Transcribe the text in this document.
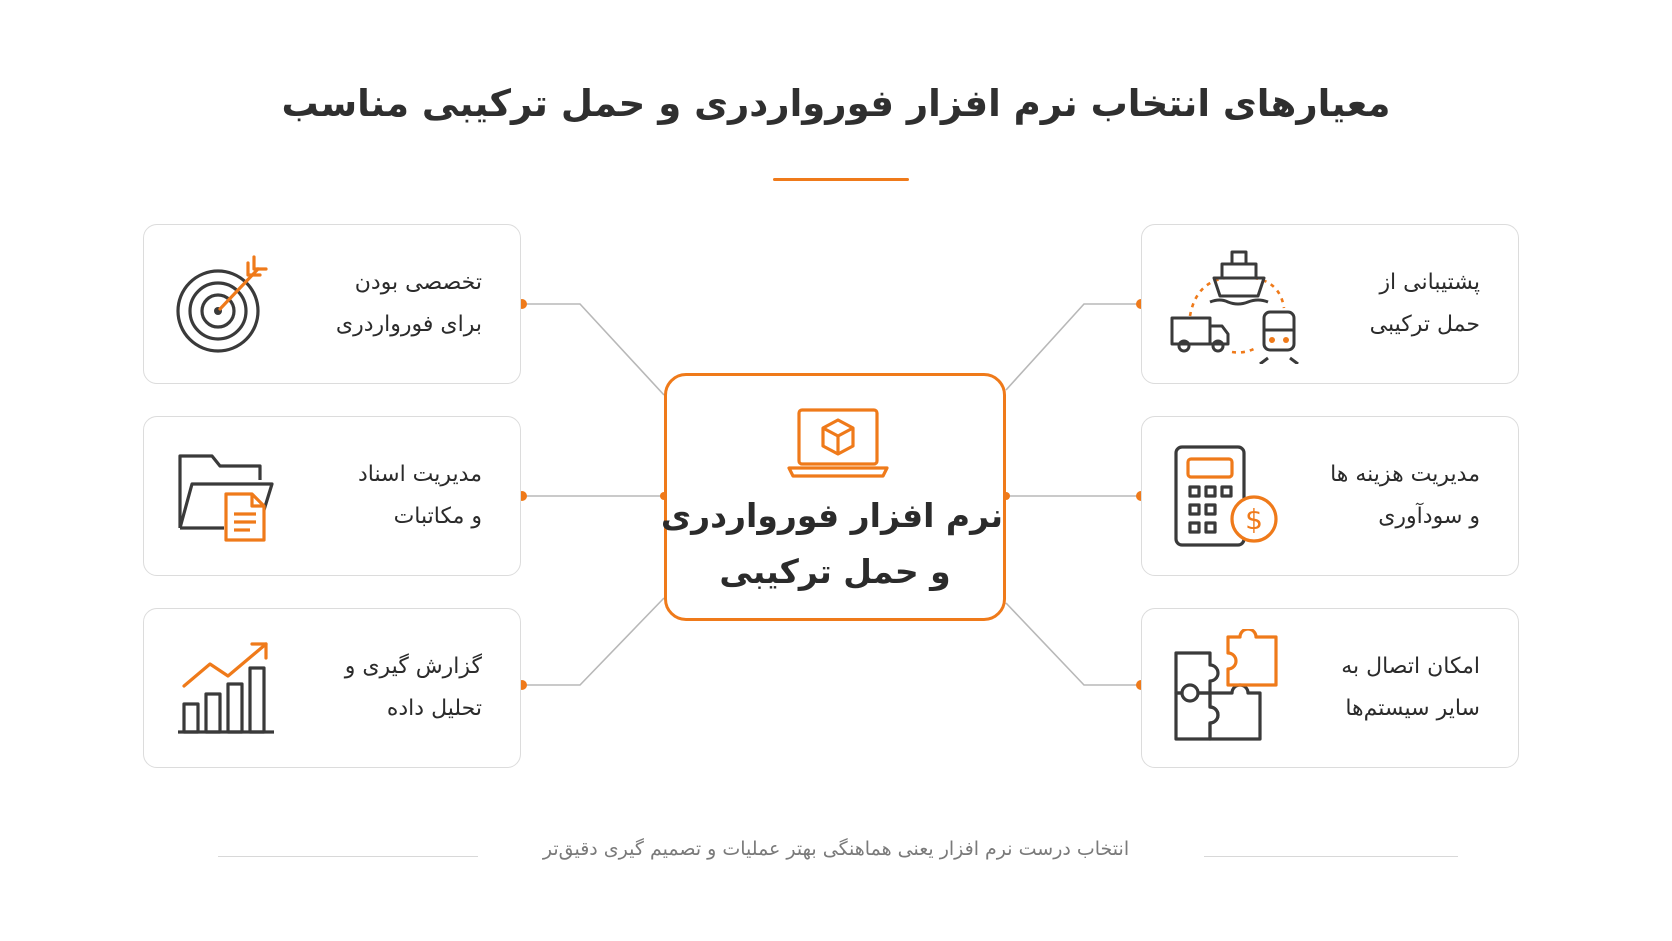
معیارهای انتخاب نرم افزار فورواردری و حمل ترکیبی مناسب
تخصصی بودن
برای فورواردری
مدیریت اسناد
و مکاتبات
گزارش گیری و
تحلیل داده
پشتیبانی از
حمل ترکیبی
$
مدیریت هزینه ها
و سودآوری
امکان اتصال به
سایر سیستم‌ها
نرم افزار فورواردری
و حمل ترکیبی
انتخاب درست نرم افزار یعنی هماهنگی بهتر عملیات و تصمیم گیری دقیق‌تر
